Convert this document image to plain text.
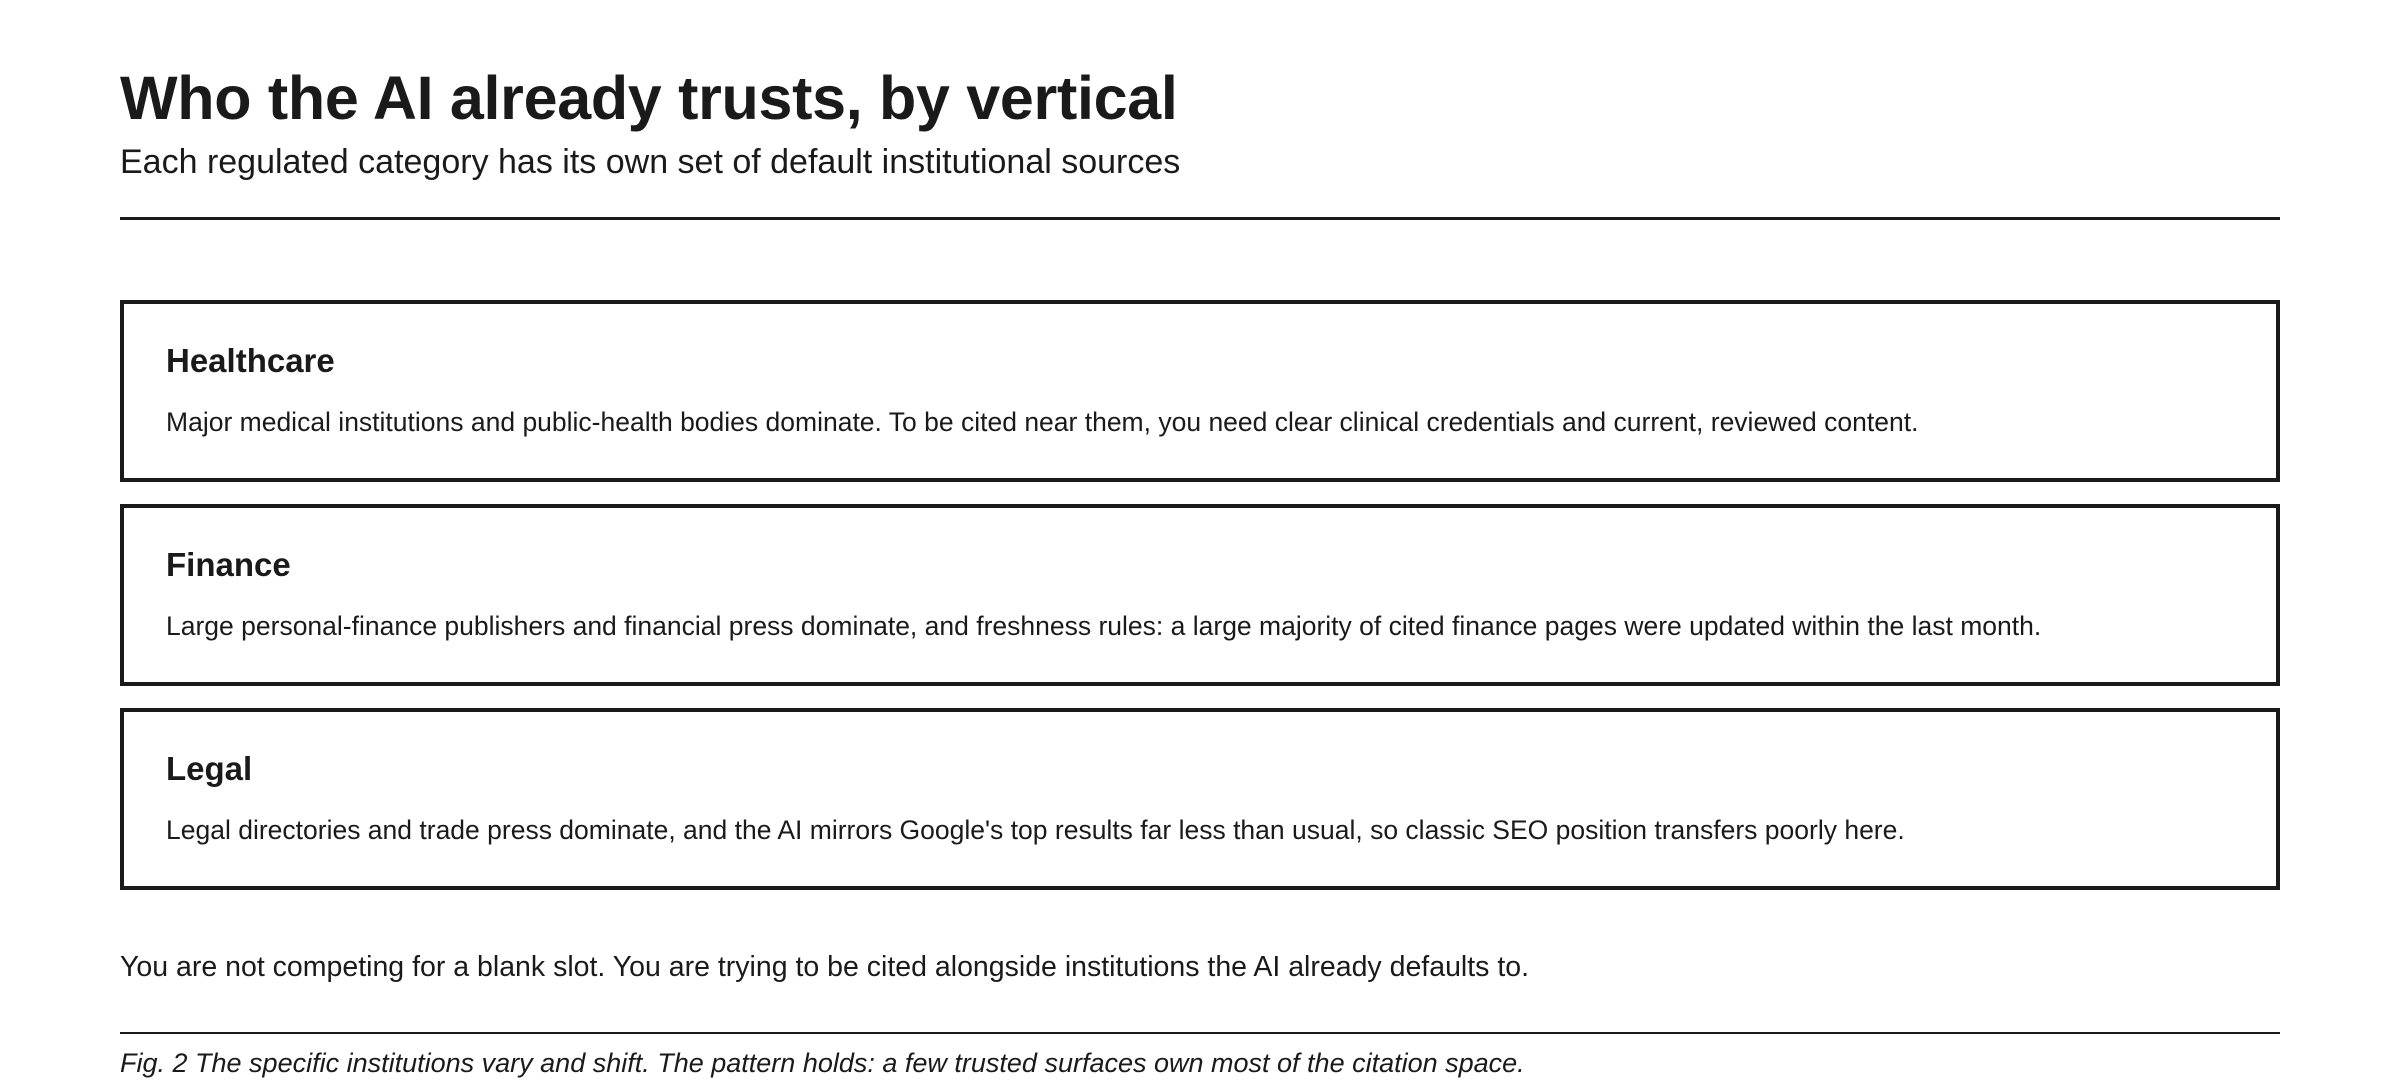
Who the AI already trusts, by vertical

Each regulated category has its own set of default institutional sources

Healthcare

Major medical institutions and public-health bodies dominate. To be cited near them, you need clear clinical credentials and current, reviewed content.

Finance

Large personal-finance publishers and financial press dominate, and freshness rules: a large majority of cited finance pages were updated within the last month.

Legal

Legal directories and trade press dominate, and the AI mirrors Google's top results far less than usual, so classic SEO position transfers poorly here.

You are not competing for a blank slot. You are trying to be cited alongside institutions the AI already defaults to.

Fig. 2 The specific institutions vary and shift. The pattern holds: a few trusted surfaces own most of the citation space.
